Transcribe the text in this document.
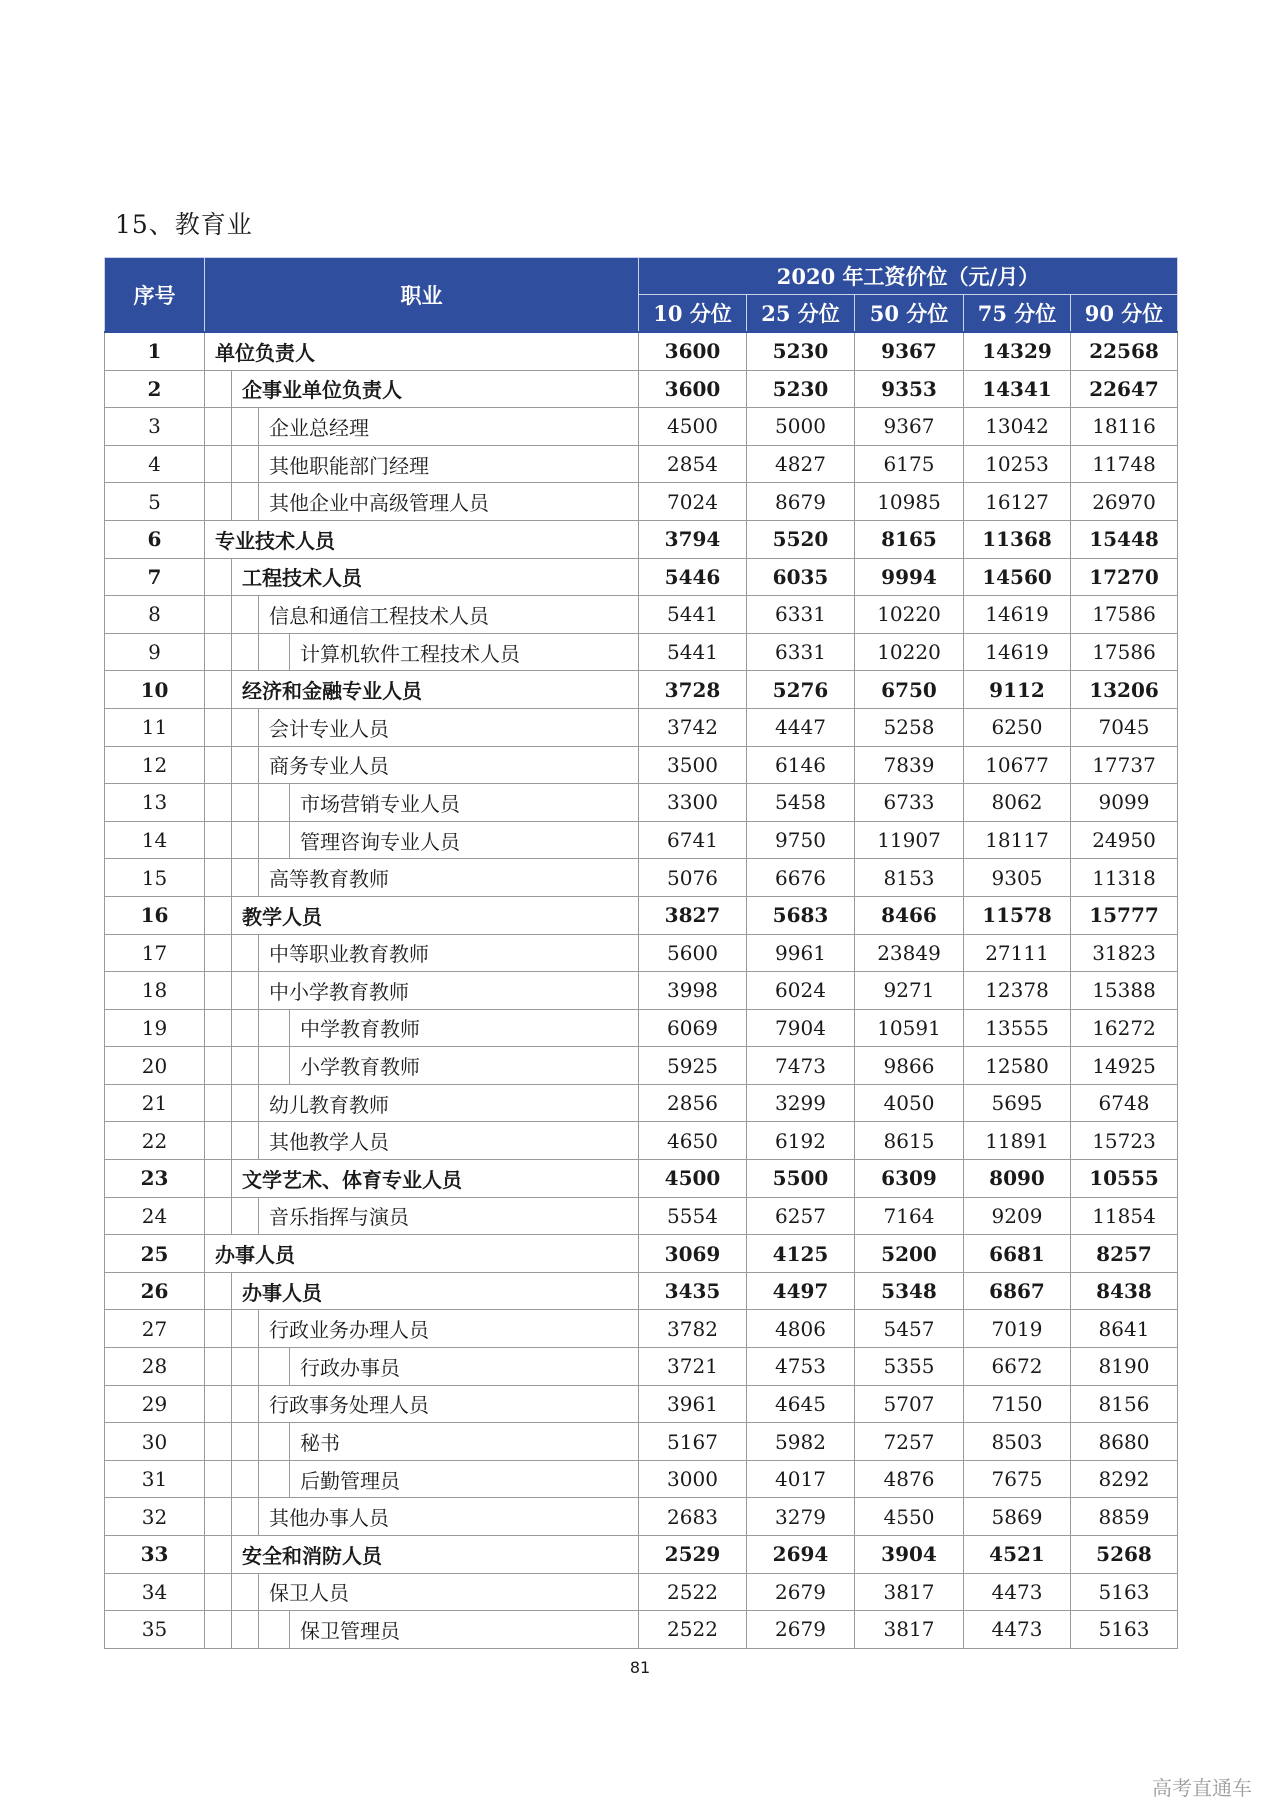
15、教育业
序号	职业				2020 年工资价位（元/月）				
					10 分位	25 分位	50 分位	75 分位	90 分位
1	单位负责人				3600	5230	9367	14329	22568
2		企事业单位负责人			3600	5230	9353	14341	22647
3			企业总经理		4500	5000	9367	13042	18116
4			其他职能部门经理		2854	4827	6175	10253	11748
5			其他企业中高级管理人员		7024	8679	10985	16127	26970
6	专业技术人员				3794	5520	8165	11368	15448
7		工程技术人员			5446	6035	9994	14560	17270
8			信息和通信工程技术人员		5441	6331	10220	14619	17586
9				计算机软件工程技术人员	5441	6331	10220	14619	17586
10		经济和金融专业人员			3728	5276	6750	9112	13206
11			会计专业人员		3742	4447	5258	6250	7045
12			商务专业人员		3500	6146	7839	10677	17737
13				市场营销专业人员	3300	5458	6733	8062	9099
14				管理咨询专业人员	6741	9750	11907	18117	24950
15			高等教育教师		5076	6676	8153	9305	11318
16		教学人员			3827	5683	8466	11578	15777
17			中等职业教育教师		5600	9961	23849	27111	31823
18			中小学教育教师		3998	6024	9271	12378	15388
19				中学教育教师	6069	7904	10591	13555	16272
20				小学教育教师	5925	7473	9866	12580	14925
21			幼儿教育教师		2856	3299	4050	5695	6748
22			其他教学人员		4650	6192	8615	11891	15723
23		文学艺术、体育专业人员			4500	5500	6309	8090	10555
24			音乐指挥与演员		5554	6257	7164	9209	11854
25	办事人员				3069	4125	5200	6681	8257
26		办事人员			3435	4497	5348	6867	8438
27			行政业务办理人员		3782	4806	5457	7019	8641
28				行政办事员	3721	4753	5355	6672	8190
29			行政事务处理人员		3961	4645	5707	7150	8156
30				秘书	5167	5982	7257	8503	8680
31				后勤管理员	3000	4017	4876	7675	8292
32			其他办事人员		2683	3279	4550	5869	8859
33		安全和消防人员			2529	2694	3904	4521	5268
34			保卫人员		2522	2679	3817	4473	5163
35				保卫管理员	2522	2679	3817	4473	5163
81
高考直通车
